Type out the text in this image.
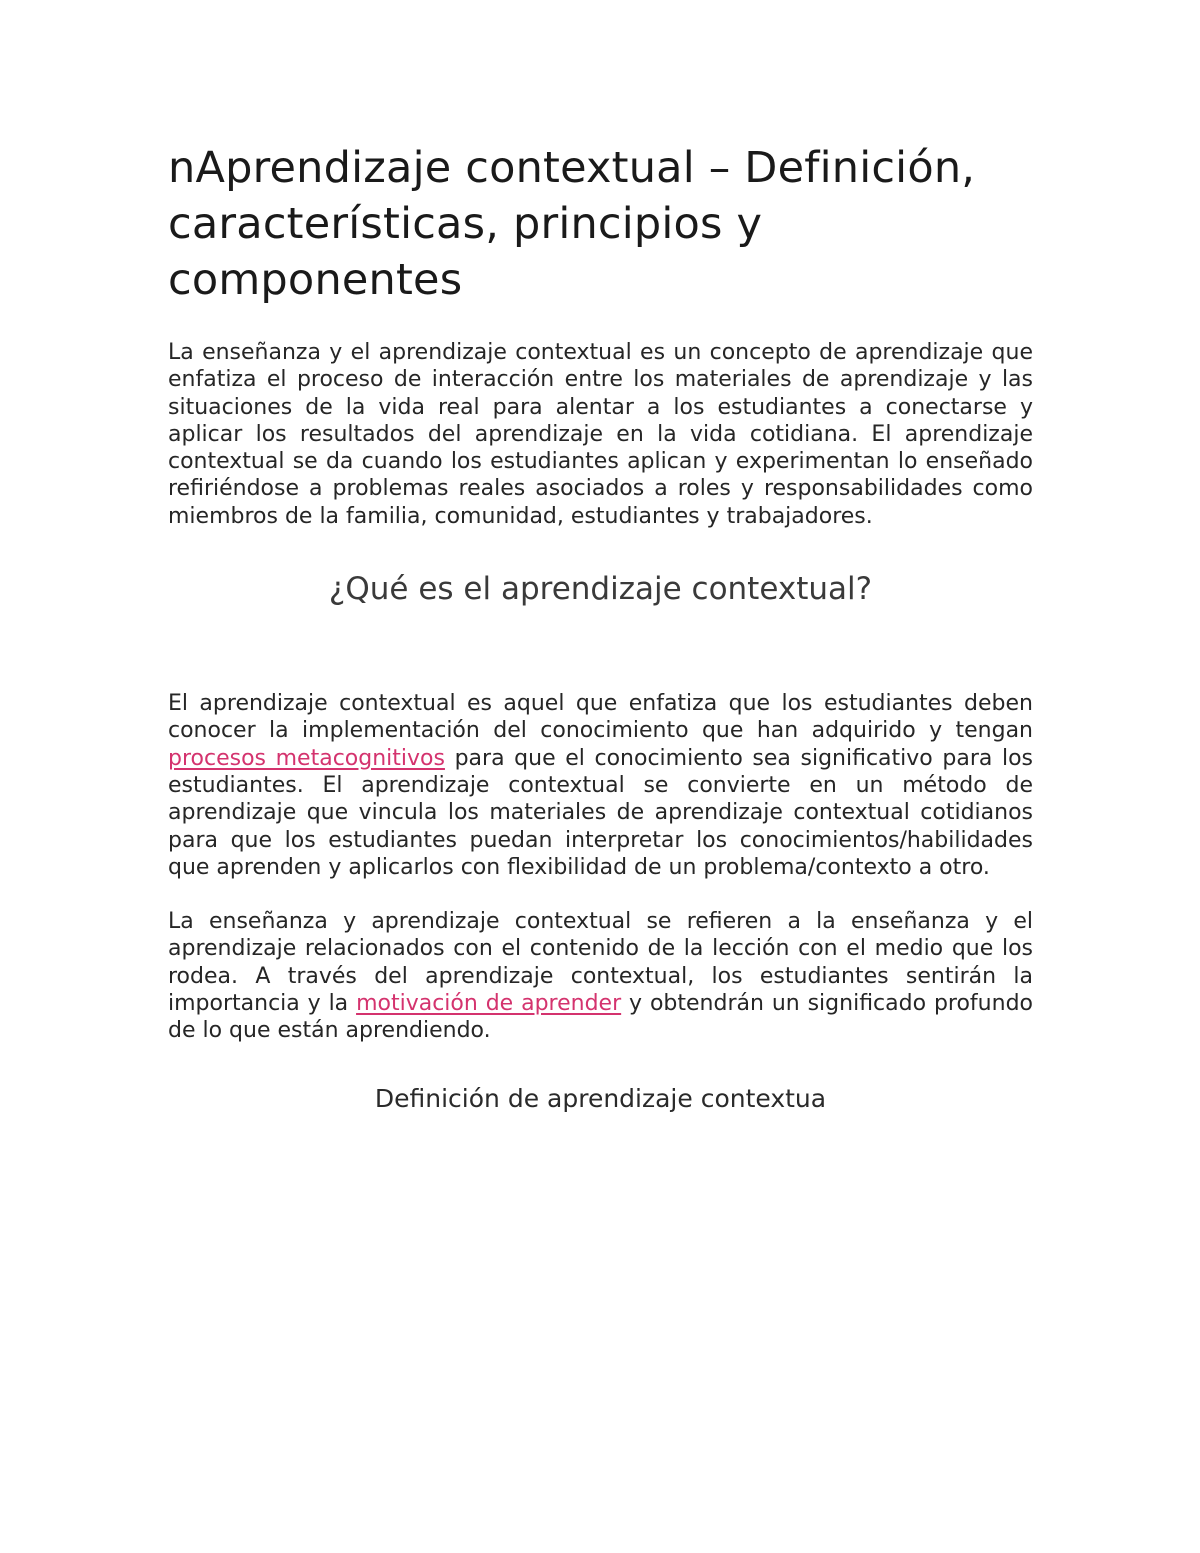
nAprendizaje contextual – Definición, características, principios y componentes

La enseñanza y el aprendizaje contextual es un concepto de aprendizaje que enfatiza el proceso de interacción entre los materiales de aprendizaje y las situaciones de la vida real para alentar a los estudiantes a conectarse y aplicar los resultados del aprendizaje en la vida cotidiana. El aprendizaje contextual se da cuando los estudiantes aplican y experimentan lo enseñado refiriéndose a problemas reales asociados a roles y responsabilidades como miembros de la familia, comunidad, estudiantes y trabajadores.

¿Qué es el aprendizaje contextual?

El aprendizaje contextual es aquel que enfatiza que los estudiantes deben conocer la implementación del conocimiento que han adquirido y tengan procesos metacognitivos para que el conocimiento sea significativo para los estudiantes. El aprendizaje contextual se convierte en un método de aprendizaje que vincula los materiales de aprendizaje contextual cotidianos para que los estudiantes puedan interpretar los conocimientos/habilidades que aprenden y aplicarlos con flexibilidad de un problema/contexto a otro.

La enseñanza y aprendizaje contextual se refieren a la enseñanza y el aprendizaje relacionados con el contenido de la lección con el medio que los rodea. A través del aprendizaje contextual, los estudiantes sentirán la importancia y la motivación de aprender y obtendrán un significado profundo de lo que están aprendiendo.

Definición de aprendizaje contextua
